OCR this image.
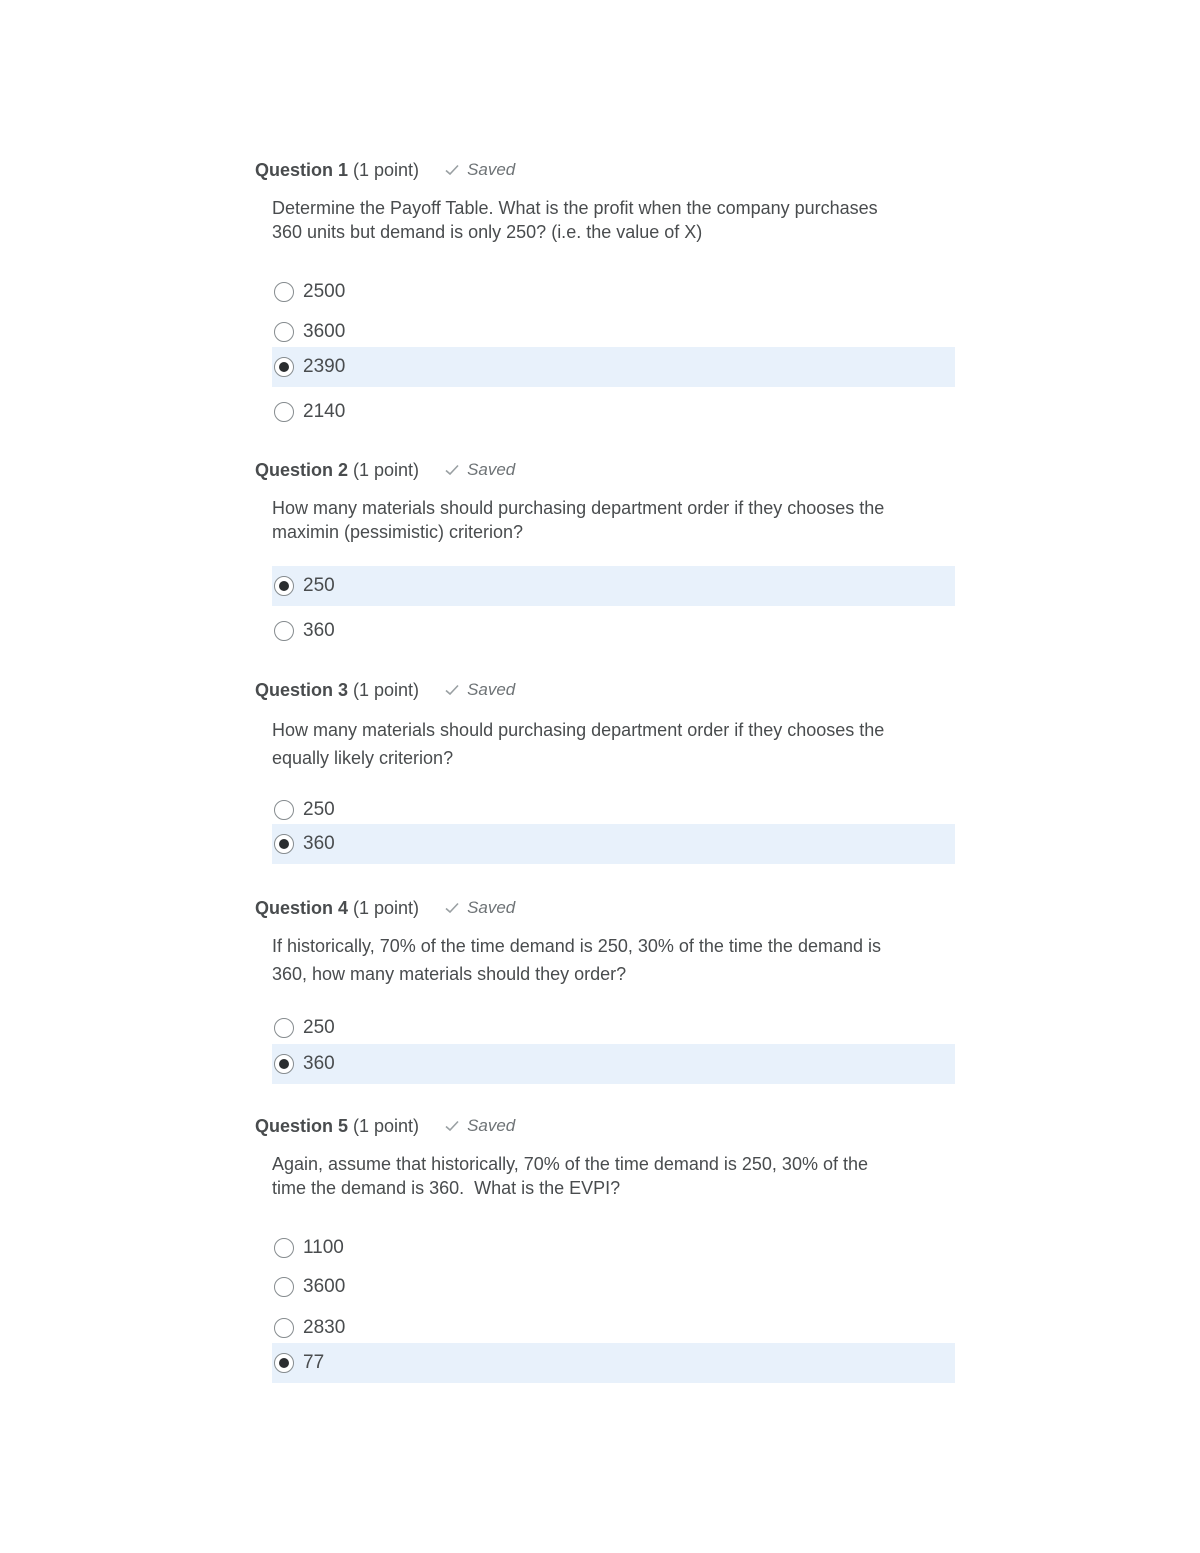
Question 1 (1 point)	Saved
Determine the Payoff Table. What is the profit when the company purchases
360 units but demand is only 250? (i.e. the value of X)
2500
3600
2390
2140
Question 2 (1 point)	Saved
How many materials should purchasing department order if they chooses the
maximin (pessimistic) criterion?
250
360
Question 3 (1 point)	Saved
How many materials should purchasing department order if they chooses the
equally likely criterion?
250
360
Question 4 (1 point)	Saved
If historically, 70% of the time demand is 250, 30% of the time the demand is
360, how many materials should they order?
250
360
Question 5 (1 point)	Saved
Again, assume that historically, 70% of the time demand is 250, 30% of the
time the demand is 360.  What is the EVPI?
1100
3600
2830
77
